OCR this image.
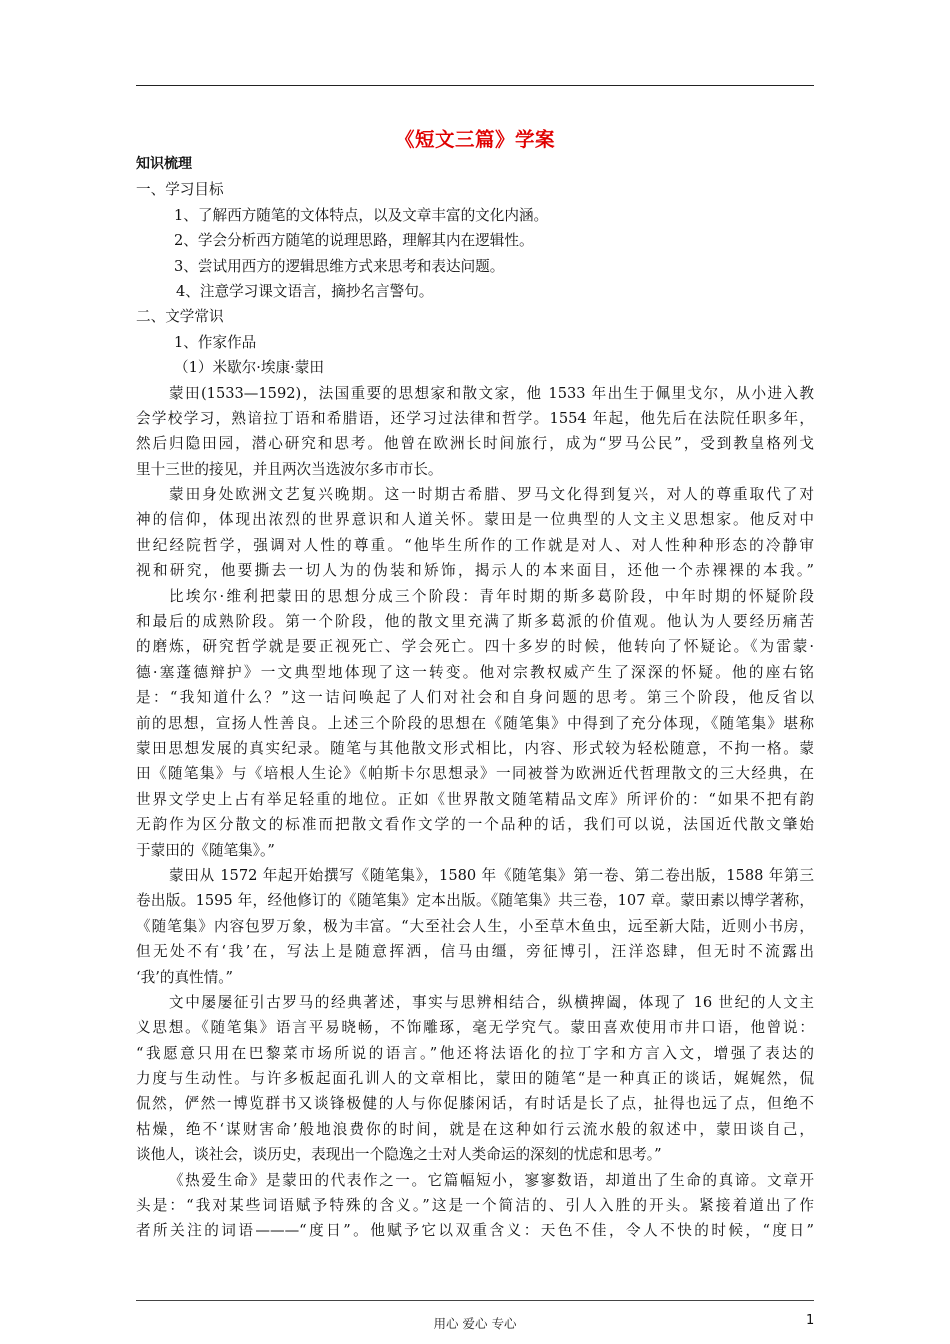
《短文三篇》学案
知识梳理
一、学习目标
1、了解西方随笔的文体特点，以及文章丰富的文化内涵。
2、学会分析西方随笔的说理思路，理解其内在逻辑性。
3、尝试用西方的逻辑思维方式来思考和表达问题。
4、注意学习课文语言，摘抄名言警句。
二、文学常识
1、作家作品
（1）米歇尔·埃康·蒙田
蒙田(1533—1592)，法国重要的思想家和散文家，他 1533 年出生于佩里戈尔，从小进入教
会学校学习，熟谙拉丁语和希腊语，还学习过法律和哲学。1554 年起，他先后在法院任职多年，
然后归隐田园，潜心研究和思考。他曾在欧洲长时间旅行，成为“罗马公民”，受到教皇格列戈
里十三世的接见，并且两次当选波尔多市市长。
蒙田身处欧洲文艺复兴晚期。这一时期古希腊、罗马文化得到复兴，对人的尊重取代了对
神的信仰，体现出浓烈的世界意识和人道关怀。蒙田是一位典型的人文主义思想家。他反对中
世纪经院哲学，强调对人性的尊重。“他毕生所作的工作就是对人、对人性种种形态的冷静审
视和研究，他要撕去一切人为的伪装和矫饰，揭示人的本来面目，还他一个赤裸裸的本我。”
比埃尔·维利把蒙田的思想分成三个阶段：青年时期的斯多葛阶段，中年时期的怀疑阶段
和最后的成熟阶段。第一个阶段，他的散文里充满了斯多葛派的价值观。他认为人要经历痛苦
的磨炼，研究哲学就是要正视死亡、学会死亡。四十多岁的时候，他转向了怀疑论。《为雷蒙·
德·塞蓬德辩护》一文典型地体现了这一转变。他对宗教权威产生了深深的怀疑。他的座右铭
是：“我知道什么？”这一诘问唤起了人们对社会和自身问题的思考。第三个阶段，他反省以
前的思想，宣扬人性善良。上述三个阶段的思想在《随笔集》中得到了充分体现，《随笔集》堪称
蒙田思想发展的真实纪录。随笔与其他散文形式相比，内容、形式较为轻松随意，不拘一格。蒙
田《随笔集》与《培根人生论》《帕斯卡尔思想录》一同被誉为欧洲近代哲理散文的三大经典，在
世界文学史上占有举足轻重的地位。正如《世界散文随笔精品文库》所评价的：“如果不把有韵
无韵作为区分散文的标准而把散文看作文学的一个品种的话，我们可以说，法国近代散文肇始
于蒙田的《随笔集》。”
蒙田从 1572 年起开始撰写《随笔集》，1580 年《随笔集》第一卷、第二卷出版，1588 年第三
卷出版。1595 年，经他修订的《随笔集》定本出版。《随笔集》共三卷，107 章。蒙田素以博学著称，
《随笔集》内容包罗万象，极为丰富。“大至社会人生，小至草木鱼虫，远至新大陆，近则小书房，
但无处不有‘我’在，写法上是随意挥洒，信马由缰，旁征博引，汪洋恣肆，但无时不流露出
‘我’的真性情。”
文中屡屡征引古罗马的经典著述，事实与思辨相结合，纵横捭阖，体现了 16 世纪的人文主
义思想。《随笔集》语言平易晓畅，不饰雕琢，毫无学究气。蒙田喜欢使用市井口语，他曾说：
“我愿意只用在巴黎菜市场所说的语言。”他还将法语化的拉丁字和方言入文，增强了表达的
力度与生动性。与许多板起面孔训人的文章相比，蒙田的随笔“是一种真正的谈话，娓娓然，侃
侃然，俨然一博览群书又谈锋极健的人与你促膝闲话，有时话是长了点，扯得也远了点，但绝不
枯燥，绝不‘谋财害命’般地浪费你的时间，就是在这种如行云流水般的叙述中，蒙田谈自己，
谈他人，谈社会，谈历史，表现出一个隐逸之士对人类命运的深刻的忧虑和思考。”
《热爱生命》是蒙田的代表作之一。它篇幅短小，寥寥数语，却道出了生命的真谛。文章开
头是：“我对某些词语赋予特殊的含义。”这是一个简洁的、引人入胜的开头。紧接着道出了作
者所关注的词语———“度日”。他赋予它以双重含义：天色不佳，令人不快的时候，“度日”
用心 爱心 专心	1
